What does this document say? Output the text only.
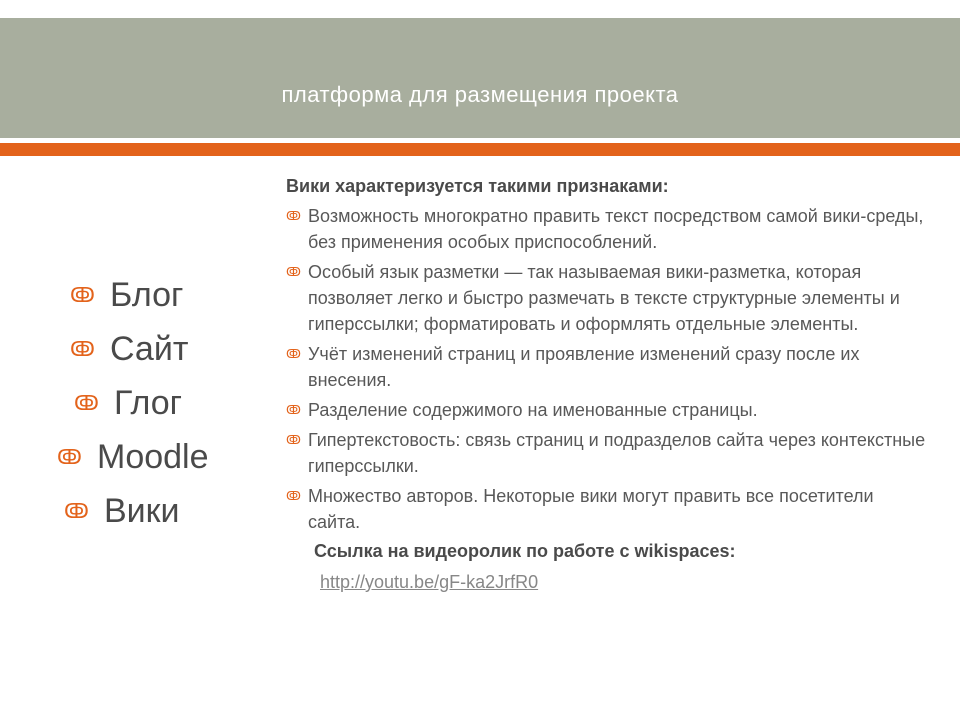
платформа для размещения проекта
ↂ Блог
ↂ Сайт
ↂ Глог
ↂ Moodle
ↂ Вики
Вики характеризуется такими признаками:
ↂ Возможность многократно править текст посредством самой вики-среды, без применения особых приспособлений.
ↂ Особый язык разметки — так называемая вики-разметка, которая позволяет легко и быстро размечать в тексте структурные элементы и гиперссылки; форматировать и оформлять отдельные элементы.
ↂ Учёт изменений страниц и проявление изменений сразу после их внесения.
ↂ Разделение содержимого на именованные страницы.
ↂ Гипертекстовость: связь страниц и подразделов сайта через контекстные гиперссылки.
ↂ Множество авторов. Некоторые вики могут править все посетители сайта.
Ссылка на видеоролик по работе с wikispaces:
http://youtu.be/gF-ka2JrfR0
